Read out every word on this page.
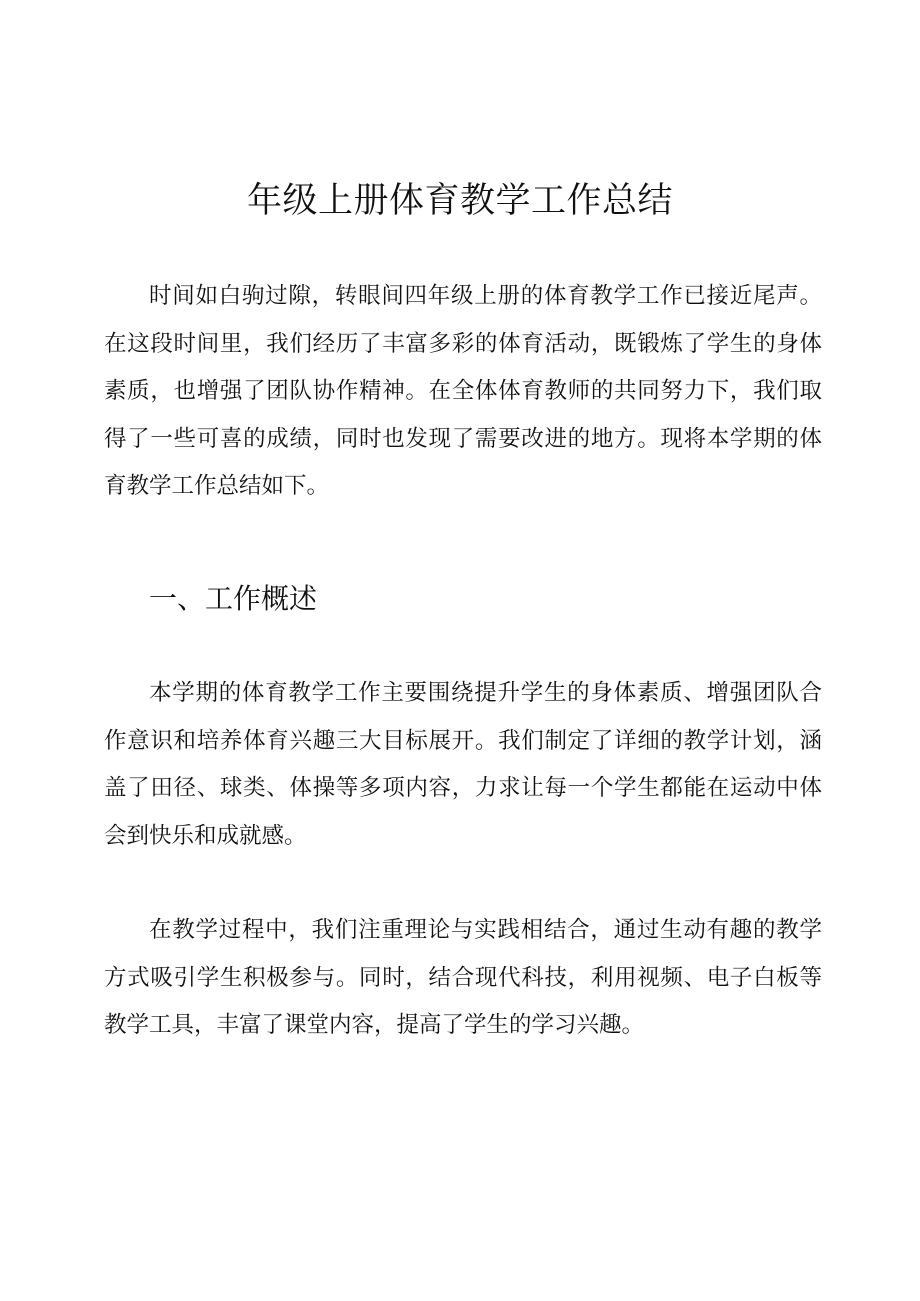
年级上册体育教学工作总结

时间如白驹过隙，转眼间四年级上册的体育教学工作已接近尾声。在这段时间里，我们经历了丰富多彩的体育活动，既锻炼了学生的身体素质，也增强了团队协作精神。在全体体育教师的共同努力下，我们取得了一些可喜的成绩，同时也发现了需要改进的地方。现将本学期的体育教学工作总结如下。

一、工作概述

本学期的体育教学工作主要围绕提升学生的身体素质、增强团队合作意识和培养体育兴趣三大目标展开。我们制定了详细的教学计划，涵盖了田径、球类、体操等多项内容，力求让每一个学生都能在运动中体会到快乐和成就感。

在教学过程中，我们注重理论与实践相结合，通过生动有趣的教学方式吸引学生积极参与。同时，结合现代科技，利用视频、电子白板等教学工具，丰富了课堂内容，提高了学生的学习兴趣。
